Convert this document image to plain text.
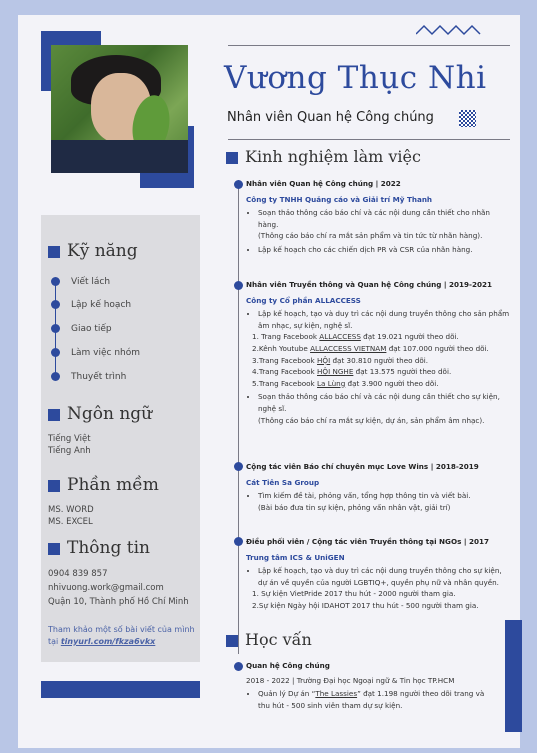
Vương Thục Nhi
Nhân viên Quan hệ Công chúng
Kỹ năng
Viết lách
Lập kế hoạch
Giao tiếp
Làm việc nhóm
Thuyết trình
Ngôn ngữ
Tiếng Việt
Tiếng Anh
Phần mềm
MS. WORD
MS. EXCEL
Thông tin
0904 839 857
nhivuong.work@gmail.com
Quận 10, Thành phố Hồ Chí Minh
Tham khảo một số bài viết của mình tại tinyurl.com/fkza6vkx
Kinh nghiệm làm việc
Nhân viên Quan hệ Công chúng | 2022
Công ty TNHH Quảng cáo và Giải trí Mỹ Thanh
• Soạn thảo thông cáo báo chí và các nội dung cần thiết cho nhãn hàng.
(Thông cáo báo chí ra mắt sản phẩm và tin tức từ nhãn hàng).
• Lập kế hoạch cho các chiến dịch PR và CSR của nhãn hàng.
Nhân viên Truyền thông và Quan hệ Công chúng | 2019-2021
Công ty Cổ phần ALLACCESS
• Lập kế hoạch, tạo và duy trì các nội dung truyền thông cho sản phẩm âm nhạc, sự kiện, nghệ sĩ.
1. Trang Facebook ALLACCESS đạt 19.021 người theo dõi.
2.Kênh Youtube ALLACCESS VIETNAM đạt 107.000 người theo dõi.
3.Trang Facebook HỘI đạt 30.810 người theo dõi.
4.Trang Facebook HỘI NGHE đạt 13.575 người theo dõi.
5.Trang Facebook La Lùng đạt 3.900 người theo dõi.
• Soạn thảo thông cáo báo chí và các nội dung cần thiết cho sự kiện, nghệ sĩ.
(Thông cáo báo chí ra mắt sự kiện, dự án, sản phẩm âm nhạc).
Cộng tác viên Báo chí chuyên mục Love Wins | 2018-2019
Cát Tiên Sa Group
• Tìm kiếm đề tài, phỏng vấn, tổng hợp thông tin và viết bài.
(Bài báo đưa tin sự kiện, phỏng vấn nhân vật, giải trí)
Điều phối viên / Cộng tác viên Truyền thông tại NGOs | 2017
Trung tâm ICS & UniGEN
• Lập kế hoạch, tạo và duy trì các nội dung truyền thông cho sự kiện, dự án về quyền của người LGBTIQ+, quyền phụ nữ và nhân quyền.
1. Sự kiện VietPride 2017 thu hút - 2000 người tham gia.
2.Sự kiện Ngày hội IDAHOT 2017 thu hút - 500 người tham gia.
Học vấn
Quan hệ Công chúng
2018 - 2022 | Trường Đại học Ngoại ngữ & Tin học TP.HCM
• Quản lý Dự án “The Lassies” đạt 1.198 người theo dõi trang và thu hút - 500 sinh viên tham dự sự kiện.
